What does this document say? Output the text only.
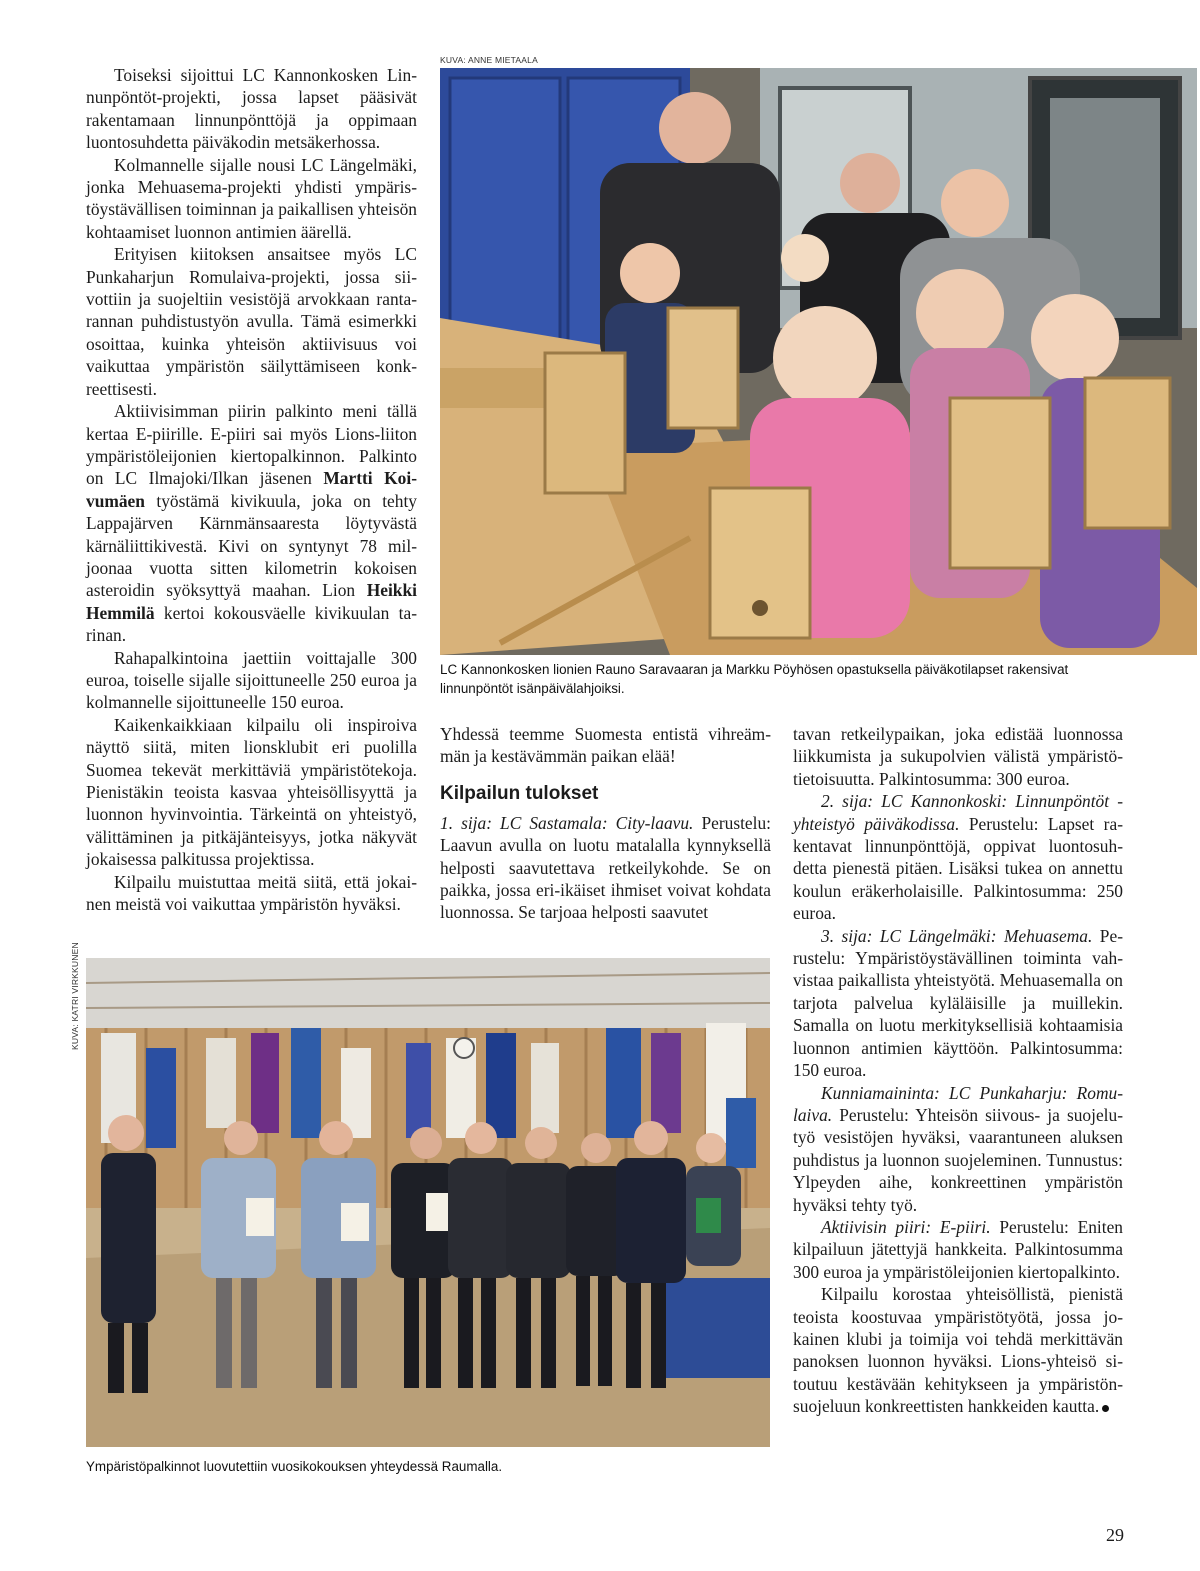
KUVA: ANNE MIETAALA
KUVA: KATRI VIRKKUNEN

Toiseksi sijoittui LC Kannonkosken Linnunpöntöt-projekti, jossa lapset pääsivät rakentamaan linnunpönttöjä ja oppimaan luontosuhdetta päiväkodin metsäkerhossa.

Kolmannelle sijalle nousi LC Längelmäki, jonka Mehuasema-projekti yhdisti ympäristöystävällisen toiminnan ja paikallisen yhteisön kohtaamiset luonnon antimien äärellä.

Erityisen kiitoksen ansaitsee myös LC Punkaharjun Romulaiva-projekti, jossa siivottiin ja suojeltiin vesistöjä arvokkaan rantarannan puhdistustyön avulla. Tämä esimerkki osoittaa, kuinka yhteisön aktiivisuus voi vaikuttaa ympäristön säilyttämiseen konkreettisesti.

Aktiivisimman piirin palkinto meni tällä kertaa E-piirille. E-piiri sai myös Lions-liiton ympäristöleijonien kiertopalkinnon. Palkinto on LC Ilmajoki/Ilkan jäsenen Martti Koivumäen työstämä kivikuula, joka on tehty Lappajärven Kärnmänsaaresta löytyvästä kärnäliittikivestä. Kivi on syntynyt 78 miljoonaa vuotta sitten kilometrin kokoisen asteroidin syöksyttyä maahan. Lion Heikki Hemmilä kertoi kokousväelle kivikuulan tarinan.

Rahapalkintoina jaettiin voittajalle 300 euroa, toiselle sijalle sijoittuneelle 250 euroa ja kolmannelle sijoittuneelle 150 euroa.

Kaikenkaikkiaan kilpailu oli inspiroiva näyttö siitä, miten lionsklubit eri puolilla Suomea tekevät merkittäviä ympäristötekoja. Pienistäkin teoista kasvaa yhteisöllisyyttä ja luonnon hyvinvointia. Tärkeintä on yhteistyö, välittäminen ja pitkäjänteisyys, jotka näkyvät jokaisessa palkitussa projektissa.

Kilpailu muistuttaa meitä siitä, että jokainen meistä voi vaikuttaa ympäristön hyväksi.

LC Kannonkosken lionien Rauno Saravaaran ja Markku Pöyhösen opastuksella päiväkotilapset rakensivat linnunpöntöt isänpäivälahjoiksi.

Yhdessä teemme Suomesta entistä vihreämmän ja kestävämmän paikan elää!

Kilpailun tulokset

1. sija: LC Sastamala: City-laavu. Perustelu: Laavun avulla on luotu matalalla kynnyksellä helposti saavutettava retkeilykohde. Se on paikka, jossa eri-ikäiset ihmiset voivat kohdata luonnossa. Se tarjoaa helposti saavutet

tavan retkeilypaikan, joka edistää luonnossa liikkumista ja sukupolvien välistä ympäristötietoisuutta. Palkintosumma: 300 euroa.

2. sija: LC Kannonkoski: Linnunpöntöt -yhteistyö päiväkodissa. Perustelu: Lapset rakentavat linnunpönttöjä, oppivat luontosuhdetta pienestä pitäen. Lisäksi tukea on annettu koulun eräkerholaisille. Palkintosumma: 250 euroa.

3. sija: LC Längelmäki: Mehuasema. Perustelu: Ympäristöystävällinen toiminta vahvistaa paikallista yhteistyötä. Mehuasemalla on tarjota palvelua kyläläisille ja muillekin. Samalla on luotu merkityksellisiä kohtaamisia luonnon antimien käyttöön. Palkintosumma: 150 euroa.

Kunniamaininta: LC Punkaharju: Romulaiva. Perustelu: Yhteisön siivous- ja suojelutyö vesistöjen hyväksi, vaarantuneen aluksen puhdistus ja luonnon suojeleminen. Tunnustus: Ylpeyden aihe, konkreettinen ympäristön hyväksi tehty työ.

Aktiivisin piiri: E-piiri. Perustelu: Eniten kilpailuun jätettyjä hankkeita. Palkintosumma 300 euroa ja ympäristöleijonien kiertopalkinto.

Kilpailu korostaa yhteisöllistä, pienistä teoista koostuvaa ympäristötyötä, jossa jokainen klubi ja toimija voi tehdä merkittävän panoksen luonnon hyväksi. Lions-yhteisö sitoutuu kestävään kehitykseen ja ympäristönsuojeluun konkreettisten hankkeiden kautta.

Ympäristöpalkinnot luovutettiin vuosikokouksen yhteydessä Raumalla.
29
